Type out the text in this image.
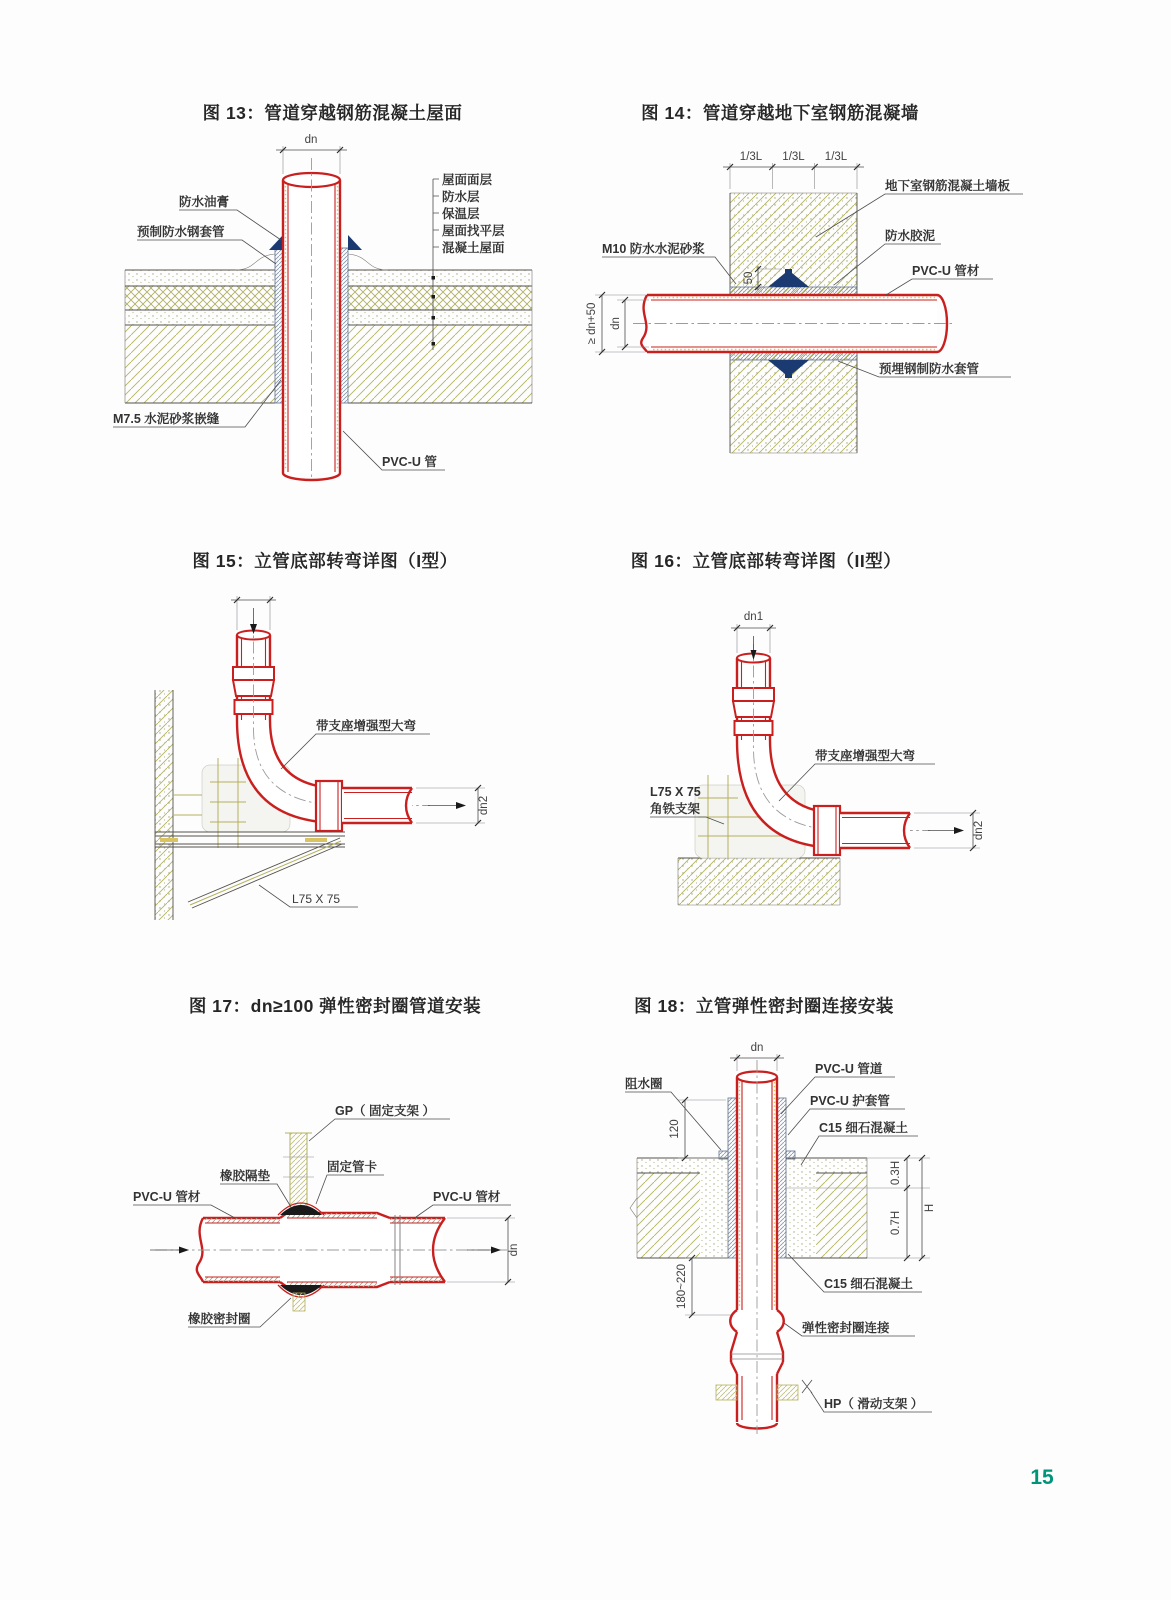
图 13：管道穿越钢筋混凝土屋面
dn
防水油膏
预制防水钢套管
M7.5 水泥砂浆嵌缝
PVC-U 管
屋面面层
防水层
保温层
屋面找平层
混凝土屋面
图 14：管道穿越地下室钢筋混凝墙
1/3L 1/3L 1/3L
50
≥ dn+50 dn
M10 防水水泥砂浆
地下室钢筋混凝土墙板
防水胶泥
PVC-U 管材
预埋钢制防水套管
图 15：立管底部转弯详图（I型）
dn2
带支座增强型大弯
L75 X 75
图 16：立管底部转弯详图（II型）
dn1
dn2
带支座增强型大弯
L75 X 75
角铁支架
图 17：dn≥100 弹性密封圈管道安装
dn
GP（ 固定支架 ）
固定管卡
橡胶隔垫
PVC-U 管材	PVC-U 管材
橡胶密封圈
图 18：立管弹性密封圈连接安装
dn
120
0.3H
0.7H
H
180~220
阻水圈
PVC-U 管道
PVC-U 护套管
C15 细石混凝土
C15 细石混凝土
弹性密封圈连接
HP（ 滑动支架 ）
15
